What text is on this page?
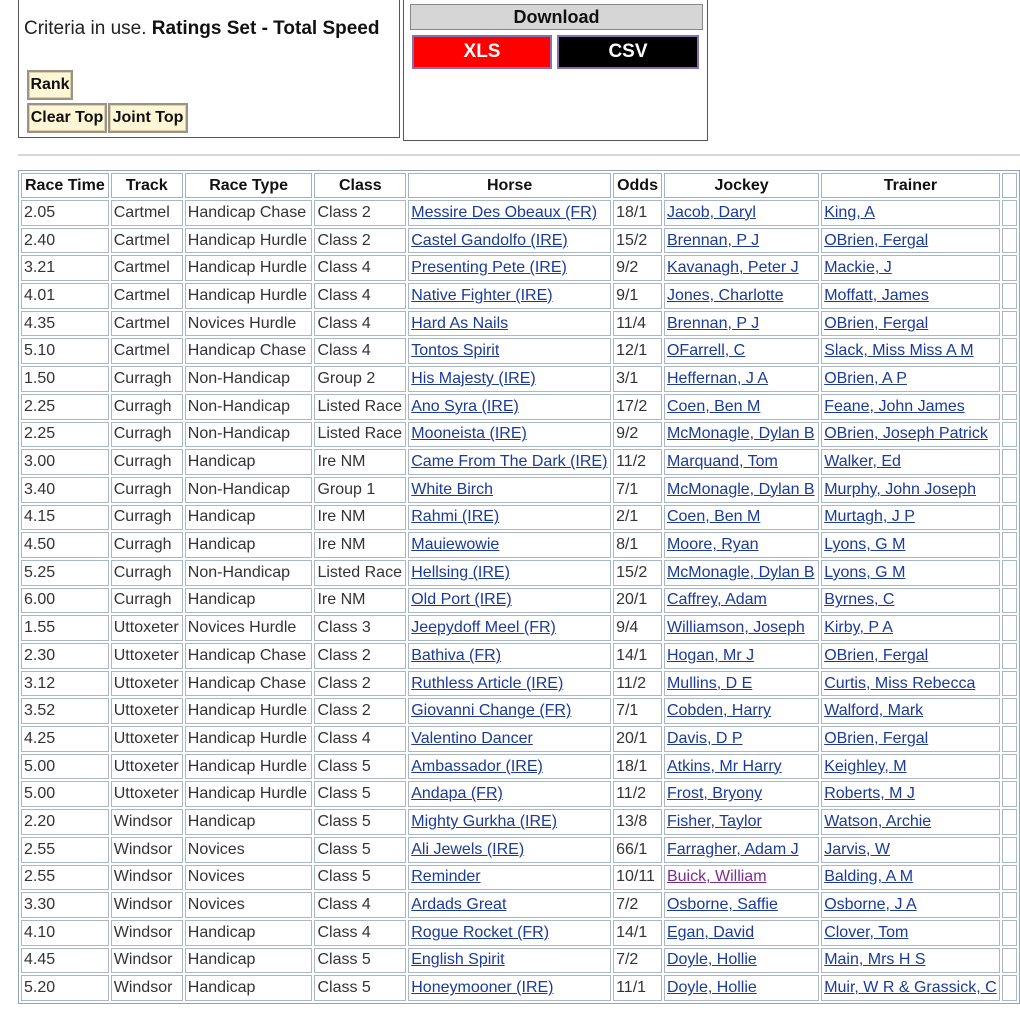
Criteria in use. Ratings Set - Total Speed
Rank
Clear Top Joint Top
Download
XLS	CSV
Race Time	Track	Race Type	Class	Horse	Odds	Jockey	Trainer	
2.05	Cartmel	Handicap Chase	Class 2	Messire Des Obeaux (FR)	18/1	Jacob, Daryl	King, A	
2.40	Cartmel	Handicap Hurdle	Class 2	Castel Gandolfo (IRE)	15/2	Brennan, P J	OBrien, Fergal	
3.21	Cartmel	Handicap Hurdle	Class 4	Presenting Pete (IRE)	9/2	Kavanagh, Peter J	Mackie, J	
4.01	Cartmel	Handicap Hurdle	Class 4	Native Fighter (IRE)	9/1	Jones, Charlotte	Moffatt, James	
4.35	Cartmel	Novices Hurdle	Class 4	Hard As Nails	11/4	Brennan, P J	OBrien, Fergal	
5.10	Cartmel	Handicap Chase	Class 4	Tontos Spirit	12/1	OFarrell, C	Slack, Miss Miss A M	
1.50	Curragh	Non-Handicap	Group 2	His Majesty (IRE)	3/1	Heffernan, J A	OBrien, A P	
2.25	Curragh	Non-Handicap	Listed Race	Ano Syra (IRE)	17/2	Coen, Ben M	Feane, John James	
2.25	Curragh	Non-Handicap	Listed Race	Mooneista (IRE)	9/2	McMonagle, Dylan B	OBrien, Joseph Patrick	
3.00	Curragh	Handicap	Ire NM	Came From The Dark (IRE)	11/2	Marquand, Tom	Walker, Ed	
3.40	Curragh	Non-Handicap	Group 1	White Birch	7/1	McMonagle, Dylan B	Murphy, John Joseph	
4.15	Curragh	Handicap	Ire NM	Rahmi (IRE)	2/1	Coen, Ben M	Murtagh, J P	
4.50	Curragh	Handicap	Ire NM	Mauiewowie	8/1	Moore, Ryan	Lyons, G M	
5.25	Curragh	Non-Handicap	Listed Race	Hellsing (IRE)	15/2	McMonagle, Dylan B	Lyons, G M	
6.00	Curragh	Handicap	Ire NM	Old Port (IRE)	20/1	Caffrey, Adam	Byrnes, C	
1.55	Uttoxeter	Novices Hurdle	Class 3	Jeepydoff Meel (FR)	9/4	Williamson, Joseph	Kirby, P A	
2.30	Uttoxeter	Handicap Chase	Class 2	Bathiva (FR)	14/1	Hogan, Mr J	OBrien, Fergal	
3.12	Uttoxeter	Handicap Chase	Class 2	Ruthless Article (IRE)	11/2	Mullins, D E	Curtis, Miss Rebecca	
3.52	Uttoxeter	Handicap Hurdle	Class 2	Giovanni Change (FR)	7/1	Cobden, Harry	Walford, Mark	
4.25	Uttoxeter	Handicap Hurdle	Class 4	Valentino Dancer	20/1	Davis, D P	OBrien, Fergal	
5.00	Uttoxeter	Handicap Hurdle	Class 5	Ambassador (IRE)	18/1	Atkins, Mr Harry	Keighley, M	
5.00	Uttoxeter	Handicap Hurdle	Class 5	Andapa (FR)	11/2	Frost, Bryony	Roberts, M J	
2.20	Windsor	Handicap	Class 5	Mighty Gurkha (IRE)	13/8	Fisher, Taylor	Watson, Archie	
2.55	Windsor	Novices	Class 5	Ali Jewels (IRE)	66/1	Farragher, Adam J	Jarvis, W	
2.55	Windsor	Novices	Class 5	Reminder	10/11	Buick, William	Balding, A M	
3.30	Windsor	Novices	Class 4	Ardads Great	7/2	Osborne, Saffie	Osborne, J A	
4.10	Windsor	Handicap	Class 4	Rogue Rocket (FR)	14/1	Egan, David	Clover, Tom	
4.45	Windsor	Handicap	Class 5	English Spirit	7/2	Doyle, Hollie	Main, Mrs H S	
5.20	Windsor	Handicap	Class 5	Honeymooner (IRE)	11/1	Doyle, Hollie	Muir, W R & Grassick, C	
